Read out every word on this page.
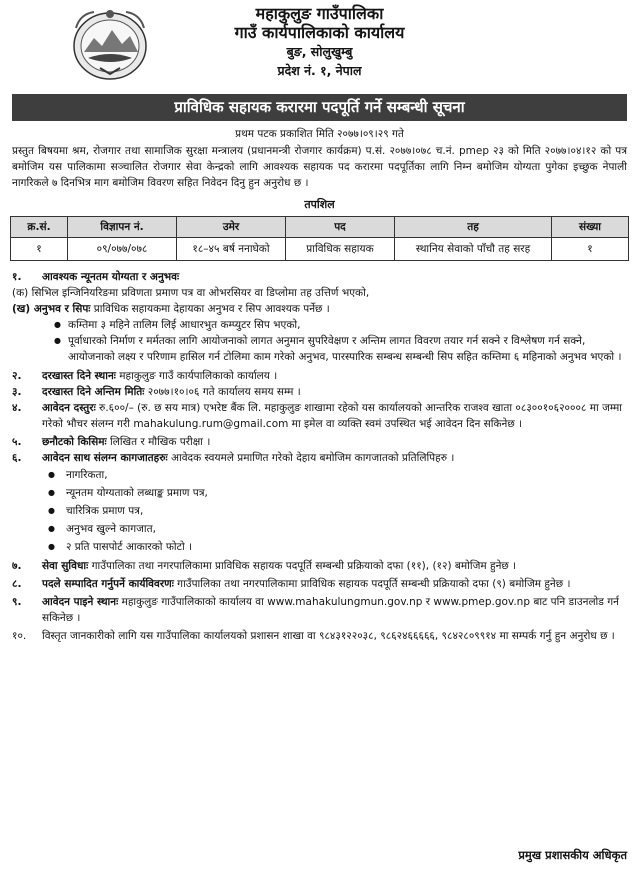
महाकुलुङ गाउँपालिका
गाउँ कार्यपालिकाको कार्यालय
बुङ, सोलुखुम्बु
प्रदेश नं. १, नेपाल
प्राविधिक सहायक करारमा पदपूर्ति गर्ने सम्बन्धी सूचना
प्रथम पटक प्रकाशित मिति २०७७।०९।२९ गते
प्रस्तुत बिषयमा श्रम, रोजगार तथा सामाजिक सुरक्षा मन्त्रालय (प्रधानमन्त्री रोजगार कार्यक्रम) प.सं. २०७७।०७८ च.नं. pmep २३ को मिति २०७७।०४।१२ को पत्र बमोजिम यस पालिकामा सञ्चालित रोजगार सेवा केन्द्रको लागि आवश्यक सहायक पद करारमा पदपूर्तिका लागि निम्न बमोजिम योग्यता पुगेका इच्छुक नेपाली नागरिकले ७ दिनभित्र माग बमोजिम विवरण सहित निवेदन दिनु हुन अनुरोध छ ।
तपशिल
क्र.सं.	विज्ञापन नं.	उमेर	पद	तह	संख्या
१	०९/०७७/०७८	१८–४५ बर्ष ननाघेको	प्राविधिक सहायक	स्थानिय सेवाको पाँचौ तह सरह	१
१.	आवश्यक न्यूनतम योग्यता र अनुभवः
(क) सिभिल इन्जिनियरिङमा प्रविणता प्रमाण पत्र वा ओभरसियर वा डिप्लोमा तह उत्तिर्ण भएको,
(ख) अनुभव र सिपः प्राविधिक सहायकमा देहायका अनुभव र सिप आवश्यक पर्नेछ ।
● कम्तिमा ३ महिने तालिम लिई आधारभुत कम्प्युटर सिप भएको,
● पूर्वाधारको निर्माण र मर्मतका लागि आयोजनाको लागत अनुमान सुपरिवेक्षण र अन्तिम लागत विवरण तयार गर्न सक्ने र विश्लेषण गर्न सक्ने, आयोजनाको लक्ष्य र परिणाम हासिल गर्न टोलिमा काम गरेको अनुभव, पारस्पारिक सम्बन्ध सम्बन्धी सिप सहित कम्तिमा ६ महिनाको अनुभव भएको ।
२.	दरखास्त दिने स्थानः महाकुलुङ गाउँ कार्यपालिकाको कार्यालय ।
३.	दरखास्त दिने अन्तिम मितिः २०७७।१०।०६ गते कार्यालय समय सम्म ।
४.	आवेदन दस्तुरः रु.६००/– (रु. छ सय मात्र) एभरेष्ट बैंक लि. महाकुलुङ शाखामा रहेको यस कार्यालयको आन्तरिक राजश्व खाता ०८३००१०६२०००८ मा जम्मा गरेको भौचर संलग्न गरी mahakulung.rum@gmail.com मा इमेल वा व्यक्ति स्वमं उपस्थित भई आवेदन दिन सकिनेछ ।
५.	छनौटको किसिमः लिखित र मौखिक परीक्षा ।
६.	आवेदन साथ संलग्न कागजातहरुः आवेदक स्वयमले प्रमाणित गरेको देहाय बमोजिम कागजातको प्रतिलिपिहरु ।
● नागरिकता,
● न्यूनतम योग्यताको लब्धाङ्क प्रमाण पत्र,
● चारित्रिक प्रमाण पत्र,
● अनुभव खुल्ने कागजात,
● २ प्रति पासपोर्ट आकारको फोटो ।
७.	सेवा सुविधाः गाउँपालिका तथा नगरपालिकामा प्राविधिक सहायक पदपूर्ति सम्बन्धी प्रक्रियाको दफा (११), (१२) बमोजिम हुनेछ ।
८.	पदले सम्पादित गर्नुपर्ने कार्यविवरणः गाउँपालिका तथा नगरपालिकामा प्राविधिक सहायक पदपूर्ति सम्बन्धी प्रक्रियाको दफा (९) बमोजिम हुनेछ ।
९.	आवेदन पाइने स्थानः महाकुलुङ गाउँपालिकाको कार्यालय वा www.mahakulungmun.gov.np र www.pmep.gov.np बाट पनि डाउनलोड गर्न सकिनेछ ।
१०.	विस्तृत जानकारीको लागि यस गाउँपालिका कार्यालयको प्रशासन शाखा वा ९८४३१२२०३८, ९८६२४६६६६६, ९८४२८०९९१४ मा सम्पर्क गर्नु हुन अनुरोध छ ।
प्रमुख प्रशासकीय अधिकृत
